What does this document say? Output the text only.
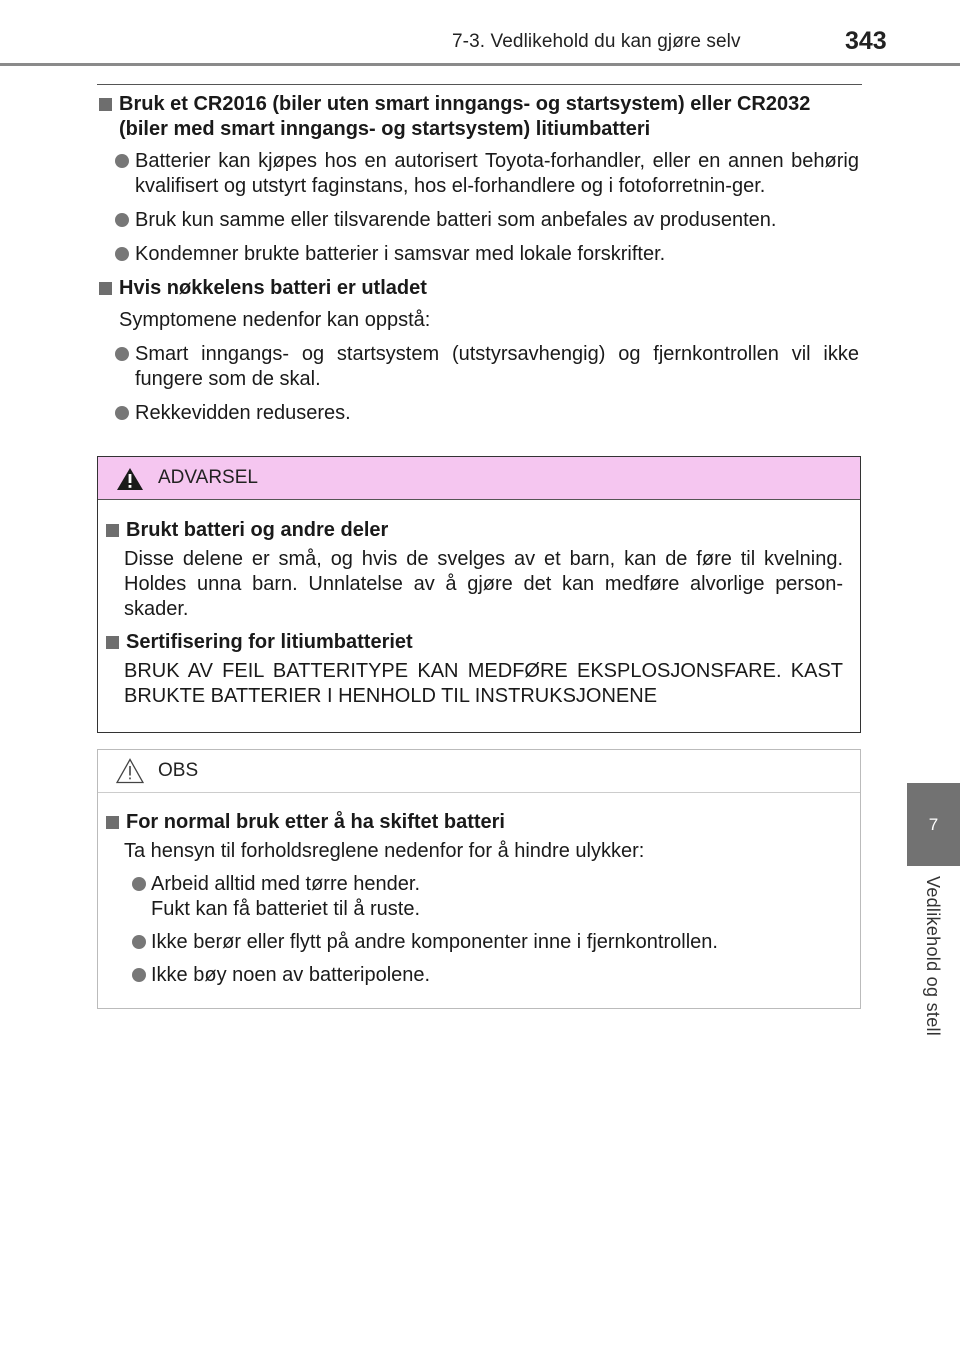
7-3. Vedlikehold du kan gjøre selv	343
7
Vedlikehold og stell
Bruk et CR2016 (biler uten smart inngangs- og startsystem) eller CR2032
(biler med smart inngangs- og startsystem) litiumbatteri
Batterier kan kjøpes hos en autorisert Toyota-forhandler, eller en annen behørig kvalifisert og utstyrt faginstans, hos el-forhandlere og i fotoforretnin-ger.
Bruk kun samme eller tilsvarende batteri som anbefales av produsenten.
Kondemner brukte batterier i samsvar med lokale forskrifter.
Hvis nøkkelens batteri er utladet
Symptomene nedenfor kan oppstå:
Smart inngangs- og startsystem (utstyrsavhengig) og fjernkontrollen vil ikke fungere som de skal.
Rekkevidden reduseres.
ADVARSEL
Brukt batteri og andre deler
Disse delene er små, og hvis de svelges av et barn, kan de føre til kvelning. Holdes unna barn. Unnlatelse av å gjøre det kan medføre alvorlige person-skader.
Sertifisering for litiumbatteriet
BRUK AV FEIL BATTERITYPE KAN MEDFØRE EKSPLOSJONSFARE. KAST BRUKTE BATTERIER I HENHOLD TIL INSTRUKSJONENE
OBS
For normal bruk etter å ha skiftet batteri
Ta hensyn til forholdsreglene nedenfor for å hindre ulykker:
Arbeid alltid med tørre hender.
Fukt kan få batteriet til å ruste.
Ikke berør eller flytt på andre komponenter inne i fjernkontrollen.
Ikke bøy noen av batteripolene.
